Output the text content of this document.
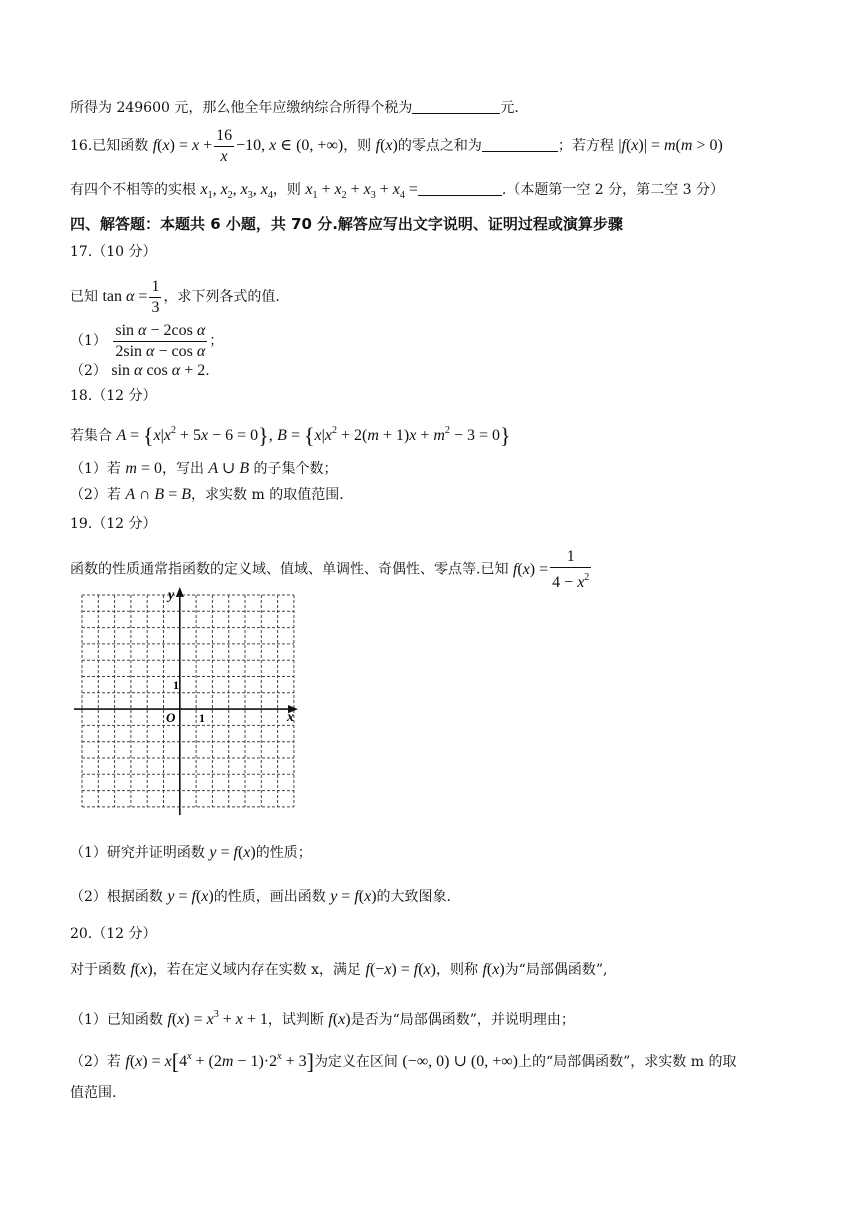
所得为 249600 元，那么他全年应缴纳综合所得个税为	元.
16.已知函数 $f(x) = x + \frac{16}{x} -10$, x ∈ (0, +∞)，则 f(x)的零点之和为	；若方程 |f(x)| = m(m > 0)
有四个不相等的实根 $x_1$, $x_2$, $x_3$, $x_4$，则 $x_1 + x_2 + x_3 + x_4$ =	.（本题第一空 2 分，第二空 3 分）
四、解答题：本题共 6 小题，共 70 分.解答应写出文字说明、证明过程或演算步骤
17.（10 分）
已知 $\tan \alpha = \frac{1}{3}$ ，求下列各式的值.
$(1) \frac{\text{sin α − 2cos α}}{\text{2sin α − cos α}}$ ；
（2） sin α cos α + 2.
18.（12 分）
若集合 $A = \{x|x^2 + 5x - 6 = 0\}$, $B = \{x|x^2 + 2(m + 1)x + m^2 - 3 = 0\}$
（1）若 m = 0，写出 A ∪ B 的子集个数；
（2）若 A ∩ B = B，求实数 m 的取值范围.
19.（12 分）
函数的性质通常指函数的定义域、值域、单调性、奇偶性、零点等.已知 $f(x) = \frac{1}{4 - x^2}$
y
x
O 1
1
（1）研究并证明函数 y = f(x)的性质；
（2）根据函数 y = f(x)的性质，画出函数 y = f(x)的大致图象.
20.（12 分）
对于函数 f(x)，若在定义域内存在实数 x，满足 f(−x) = f(x)，则称 f(x)为“局部偶函数”,
（1）已知函数 $f(x) = x^3 + x + 1$，试判断 f(x)是否为“局部偶函数”，并说明理由；
（2）若 $f(x) = x[4^x + (2m - 1)\cdot 2^x + 3]$为定义在区间 (−∞, 0) ∪ (0, +∞)上的“局部偶函数”，求实数 m 的取
值范围.
